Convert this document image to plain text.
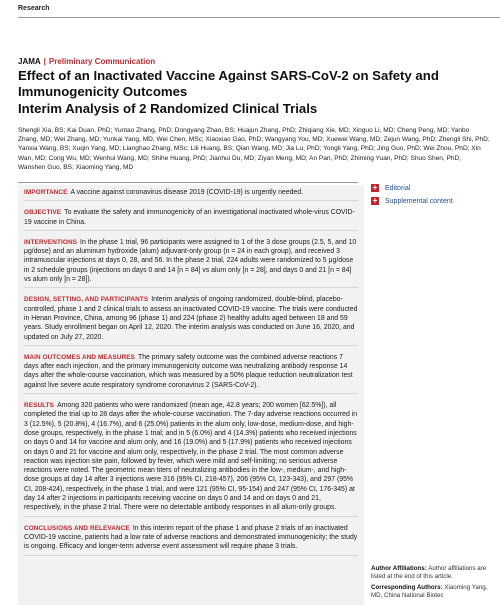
Research
JAMA | Preliminary Communication
Effect of an Inactivated Vaccine Against SARS-CoV-2 on Safety and Immunogenicity Outcomes
Interim Analysis of 2 Randomized Clinical Trials

Shengli Xia, BS; Kai Duan, PhD; Yuntao Zhang, PhD; Dongyang Zhao, BS; Huajun Zhang, PhD; Zhiqiang Xie, MD; Xinguo Li, MD; Cheng Peng, MD; Yanbo Zhang, MD; Wei Zhang, MD; Yunkai Yang, MD; Wei Chen, MSc; Xiaoxiao Gao, PhD; Wangyang You, MD; Xuewei Wang, MD; Zejun Wang, PhD; Zhengli Shi, PhD; Yanxia Wang, BS; Xuqin Yang, MD; Lianghao Zhang, MSc; Lili Huang, BS; Qian Wang, MD; Jia Lu, PhD; Yongli Yang, PhD; Jing Guo, PhD; Wei Zhou, PhD; Xin Wan, MD; Cong Wu, MD; Wenhui Wang, MD; Shihe Huang, PhD; Jianhui Du, MD; Ziyan Meng, MD; An Pan, PhD; Zhiming Yuan, PhD; Shuo Shen, PhD; Wanshen Guo, BS; Xiaoming Yang, MD

IMPORTANCE A vaccine against coronavirus disease 2019 (COVID-19) is urgently needed.

OBJECTIVE To evaluate the safety and immunogenicity of an investigational inactivated whole-virus COVID-19 vaccine in China.

INTERVENTIONS In the phase 1 trial, 96 participants were assigned to 1 of the 3 dose groups (2.5, 5, and 10 μg/dose) and an aluminum hydroxide (alum) adjuvant-only group (n = 24 in each group), and received 3 intramuscular injections at days 0, 28, and 56. In the phase 2 trial, 224 adults were randomized to 5 μg/dose in 2 schedule groups (injections on days 0 and 14 [n = 84] vs alum only [n = 28], and days 0 and 21 [n = 84] vs alum only [n = 28]).

DESIGN, SETTING, AND PARTICIPANTS Interim analysis of ongoing randomized, double-blind, placebo-controlled, phase 1 and 2 clinical trials to assess an inactivated COVID-19 vaccine. The trials were conducted in Henan Province, China, among 96 (phase 1) and 224 (phase 2) healthy adults aged between 18 and 59 years. Study enrollment began on April 12, 2020. The interim analysis was conducted on June 16, 2020, and updated on July 27, 2020.

MAIN OUTCOMES AND MEASURES The primary safety outcome was the combined adverse reactions 7 days after each injection, and the primary immunogenicity outcome was neutralizing antibody response 14 days after the whole-course vaccination, which was measured by a 50% plaque reduction neutralization test against live severe acute respiratory syndrome coronavirus 2 (SARS-CoV-2).

RESULTS Among 320 patients who were randomized (mean age, 42.8 years; 200 women [62.5%]), all completed the trial up to 28 days after the whole-course vaccination. The 7-day adverse reactions occurred in 3 (12.5%), 5 (20.8%), 4 (16.7%), and 6 (25.0%) patients in the alum only, low-dose, medium-dose, and high-dose groups, respectively, in the phase 1 trial; and in 5 (6.0%) and 4 (14.3%) patients who received injections on days 0 and 14 for vaccine and alum only, and 16 (19.0%) and 5 (17.9%) patients who received injections on days 0 and 21 for vaccine and alum only, respectively, in the phase 2 trial. The most common adverse reaction was injection site pain, followed by fever, which were mild and self-limiting; no serious adverse reactions were noted. The geometric mean titers of neutralizing antibodies in the low-, medium-, and high-dose groups at day 14 after 3 injections were 316 (95% CI, 218-457), 206 (95% CI, 123-343), and 297 (95% CI, 208-424), respectively, in the phase 1 trial, and were 121 (95% CI, 95-154) and 247 (95% CI, 176-345) at day 14 after 2 injections in participants receiving vaccine on days 0 and 14 and on days 0 and 21, respectively, in the phase 2 trial. There were no detectable antibody responses in all alum-only groups.

CONCLUSIONS AND RELEVANCE In this interim report of the phase 1 and phase 2 trials of an inactivated COVID-19 vaccine, patients had a low rate of adverse reactions and demonstrated immunogenicity; the study is ongoing. Efficacy and longer-term adverse event assessment will require phase 3 trials.

+ Editorial
+ Supplemental content

Author Affiliations: Author affiliations are listed at the end of this article.

Corresponding Authors: Xiaoming Yang, MD, China National Biotec
